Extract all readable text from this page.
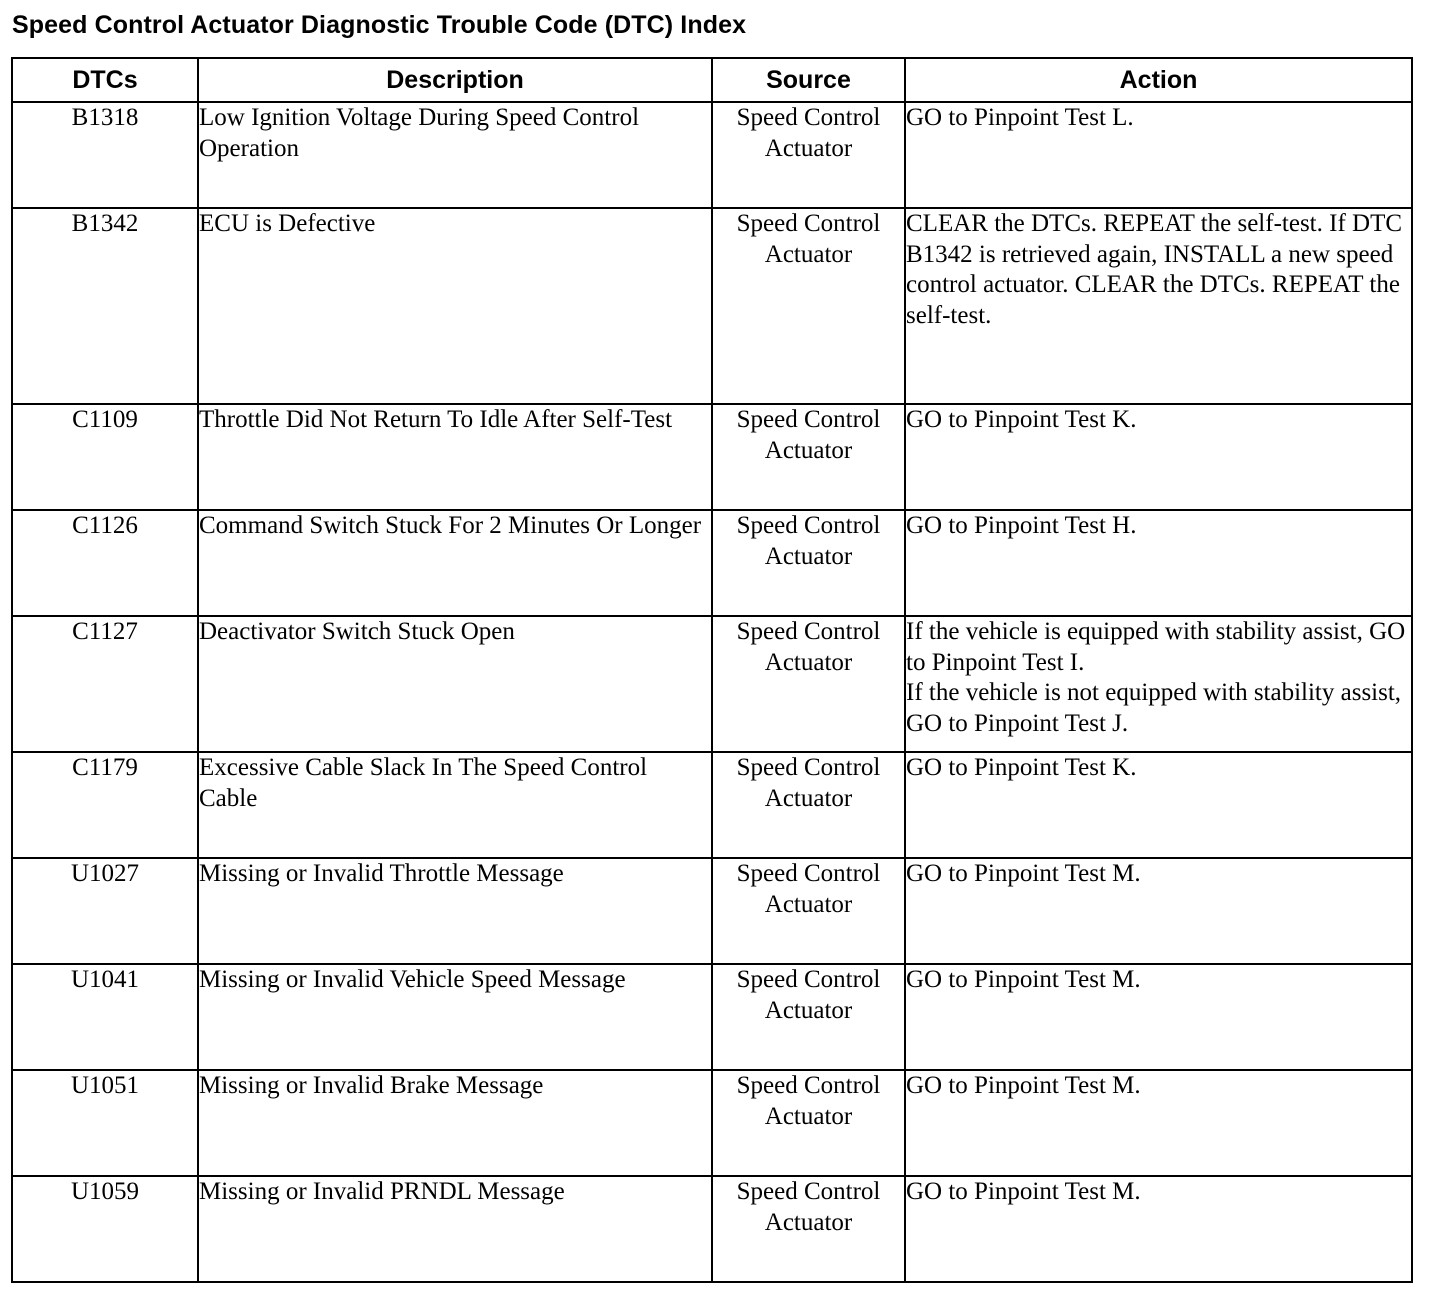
Speed Control Actuator Diagnostic Trouble Code (DTC) Index
DTCs	Description	Source	Action
B1318	Low Ignition Voltage During Speed Control Operation	Speed Control Actuator	GO to Pinpoint Test L.
B1342	ECU is Defective	Speed Control Actuator	CLEAR the DTCs. REPEAT the self-test. If DTC B1342 is retrieved again, INSTALL a new speed control actuator. CLEAR the DTCs. REPEAT the self-test.
C1109	Throttle Did Not Return To Idle After Self-Test	Speed Control Actuator	GO to Pinpoint Test K.
C1126	Command Switch Stuck For 2 Minutes Or Longer	Speed Control Actuator	GO to Pinpoint Test H.
C1127	Deactivator Switch Stuck Open	Speed Control Actuator	If the vehicle is equipped with stability assist, GO to Pinpoint Test I.
If the vehicle is not equipped with stability assist, GO to Pinpoint Test J.

C1179	Excessive Cable Slack In The Speed Control Cable	Speed Control Actuator	GO to Pinpoint Test K.
U1027	Missing or Invalid Throttle Message	Speed Control Actuator	GO to Pinpoint Test M.
U1041	Missing or Invalid Vehicle Speed Message	Speed Control Actuator	GO to Pinpoint Test M.
U1051	Missing or Invalid Brake Message	Speed Control Actuator	GO to Pinpoint Test M.
U1059	Missing or Invalid PRNDL Message	Speed Control Actuator	GO to Pinpoint Test M.
